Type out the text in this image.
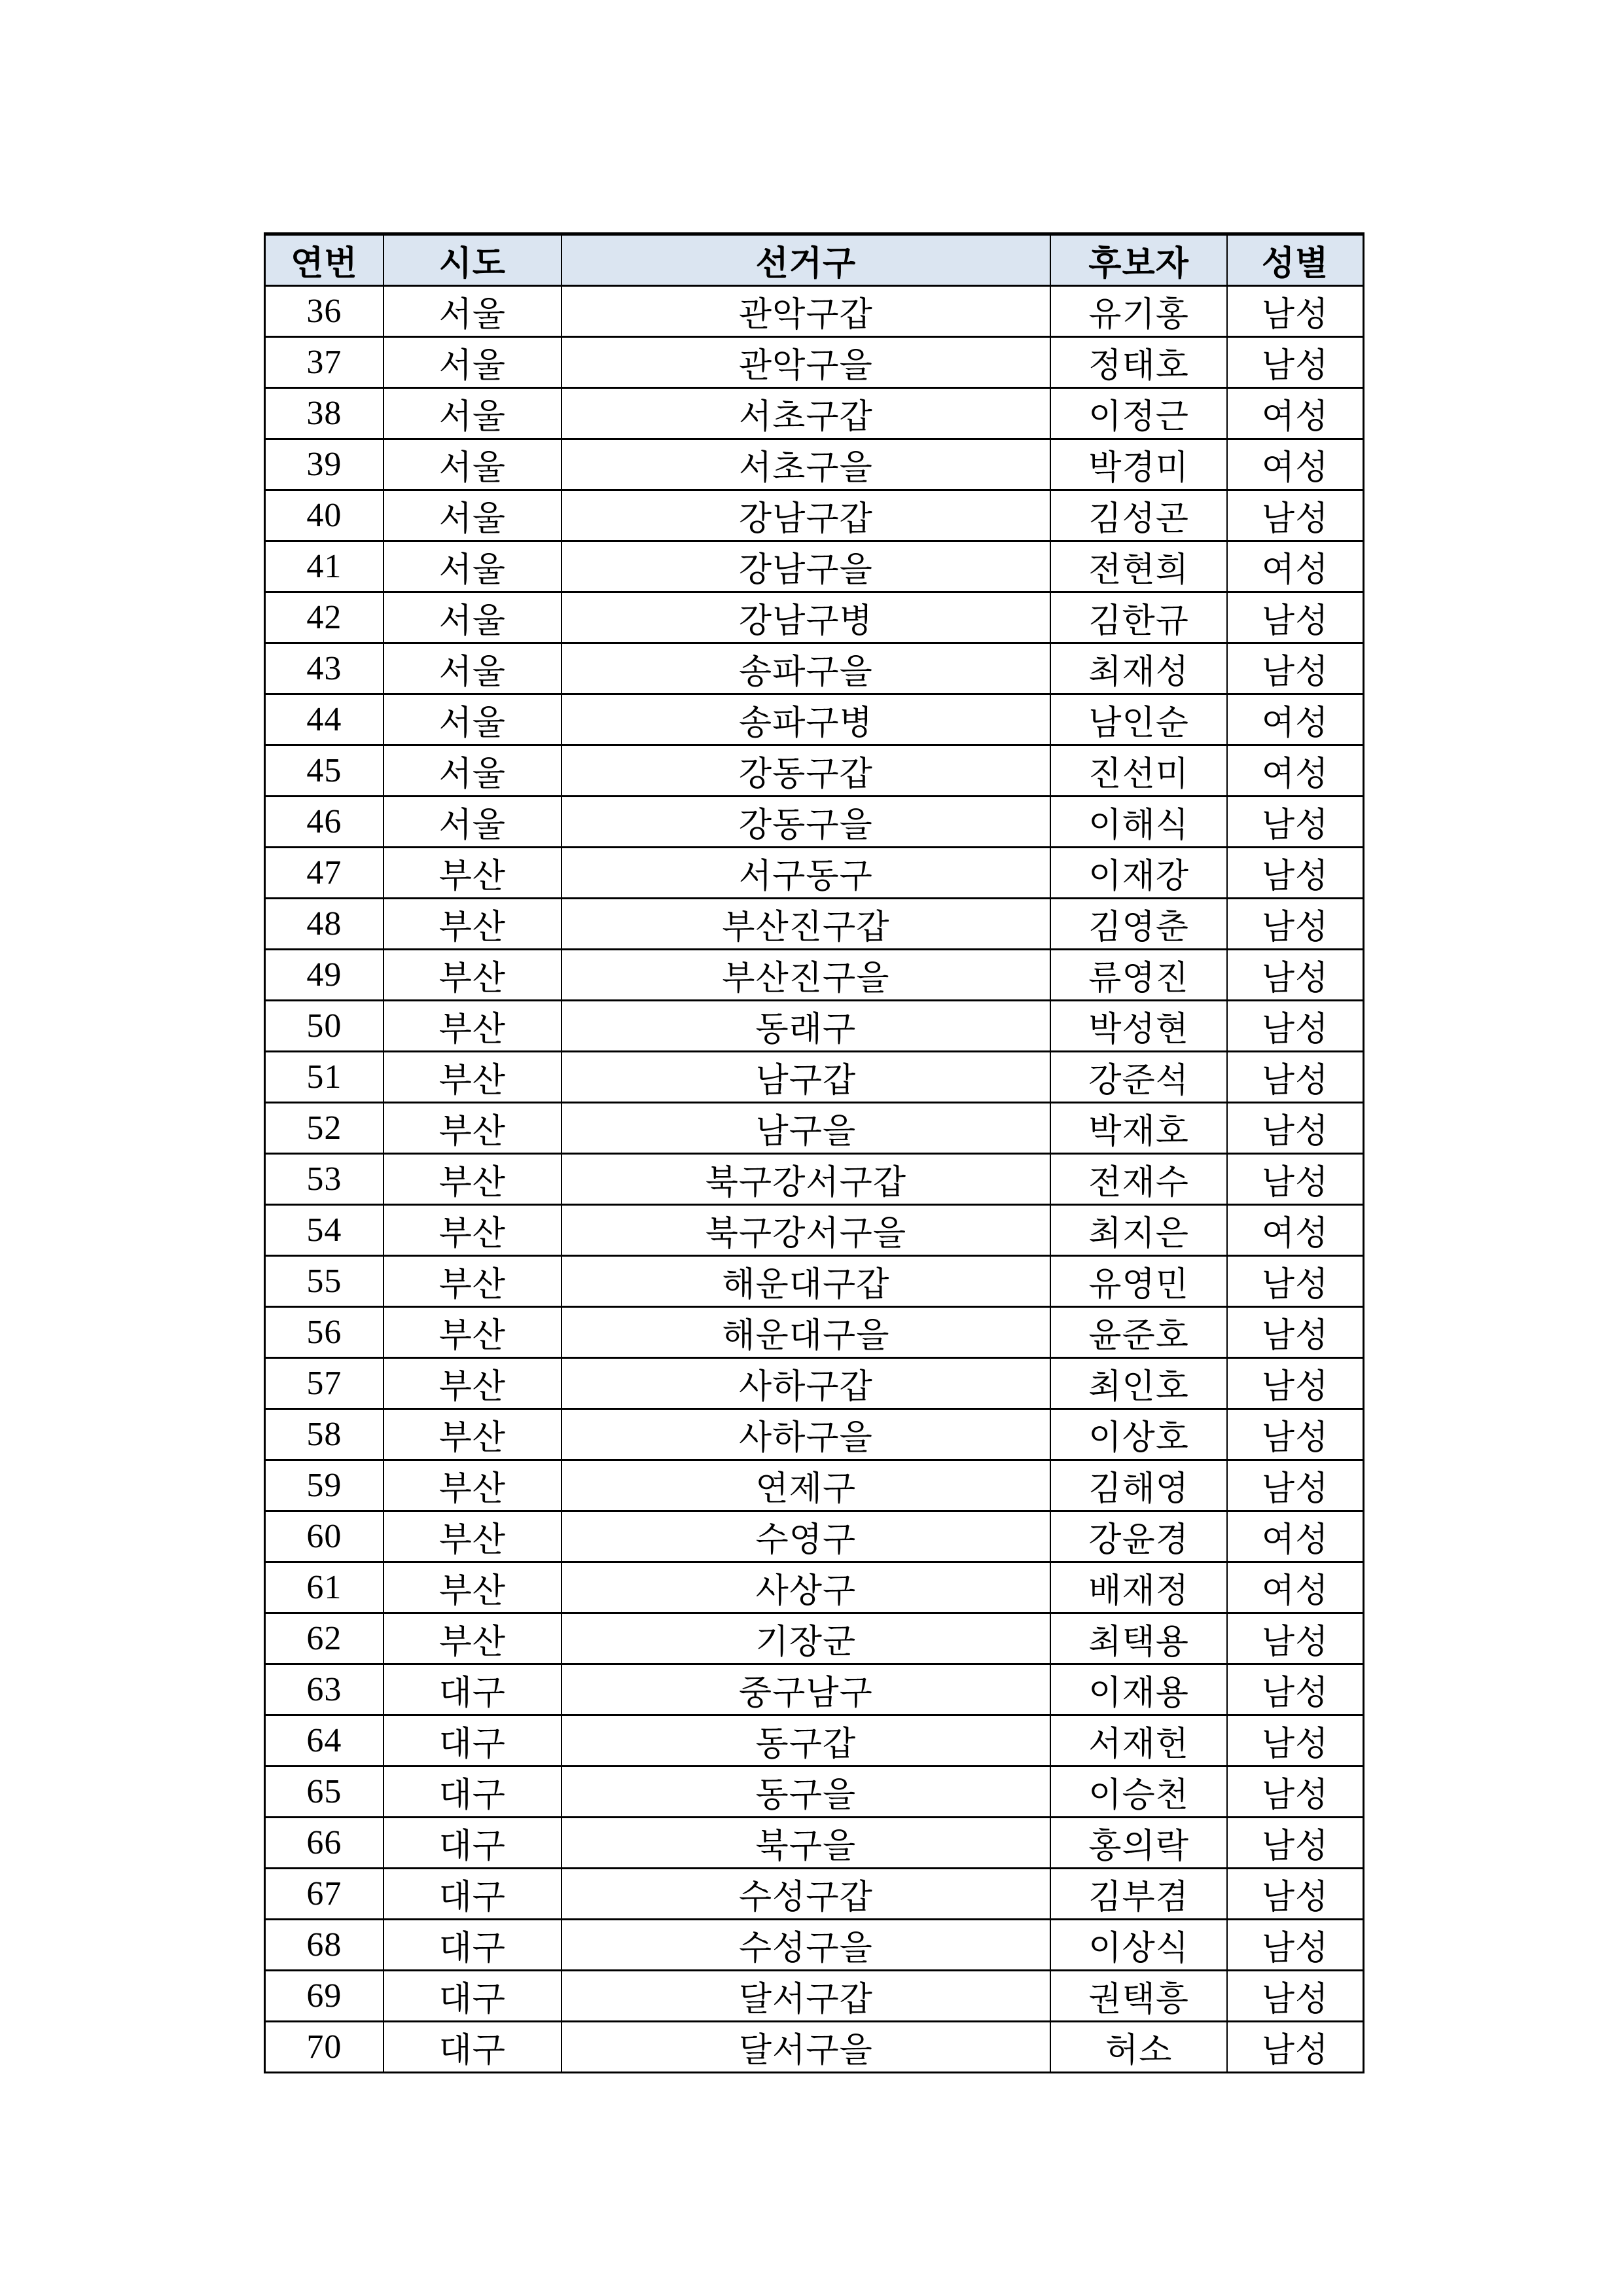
연번	시도	선거구	후보자	성별
36	서울	관악구갑	유기홍	남성
37	서울	관악구을	정태호	남성
38	서울	서초구갑	이정근	여성
39	서울	서초구을	박경미	여성
40	서울	강남구갑	김성곤	남성
41	서울	강남구을	전현희	여성
42	서울	강남구병	김한규	남성
43	서울	송파구을	최재성	남성
44	서울	송파구병	남인순	여성
45	서울	강동구갑	진선미	여성
46	서울	강동구을	이해식	남성
47	부산	서구동구	이재강	남성
48	부산	부산진구갑	김영춘	남성
49	부산	부산진구을	류영진	남성
50	부산	동래구	박성현	남성
51	부산	남구갑	강준석	남성
52	부산	남구을	박재호	남성
53	부산	북구강서구갑	전재수	남성
54	부산	북구강서구을	최지은	여성
55	부산	해운대구갑	유영민	남성
56	부산	해운대구을	윤준호	남성
57	부산	사하구갑	최인호	남성
58	부산	사하구을	이상호	남성
59	부산	연제구	김해영	남성
60	부산	수영구	강윤경	여성
61	부산	사상구	배재정	여성
62	부산	기장군	최택용	남성
63	대구	중구남구	이재용	남성
64	대구	동구갑	서재헌	남성
65	대구	동구을	이승천	남성
66	대구	북구을	홍의락	남성
67	대구	수성구갑	김부겸	남성
68	대구	수성구을	이상식	남성
69	대구	달서구갑	권택흥	남성
70	대구	달서구을	허소	남성
